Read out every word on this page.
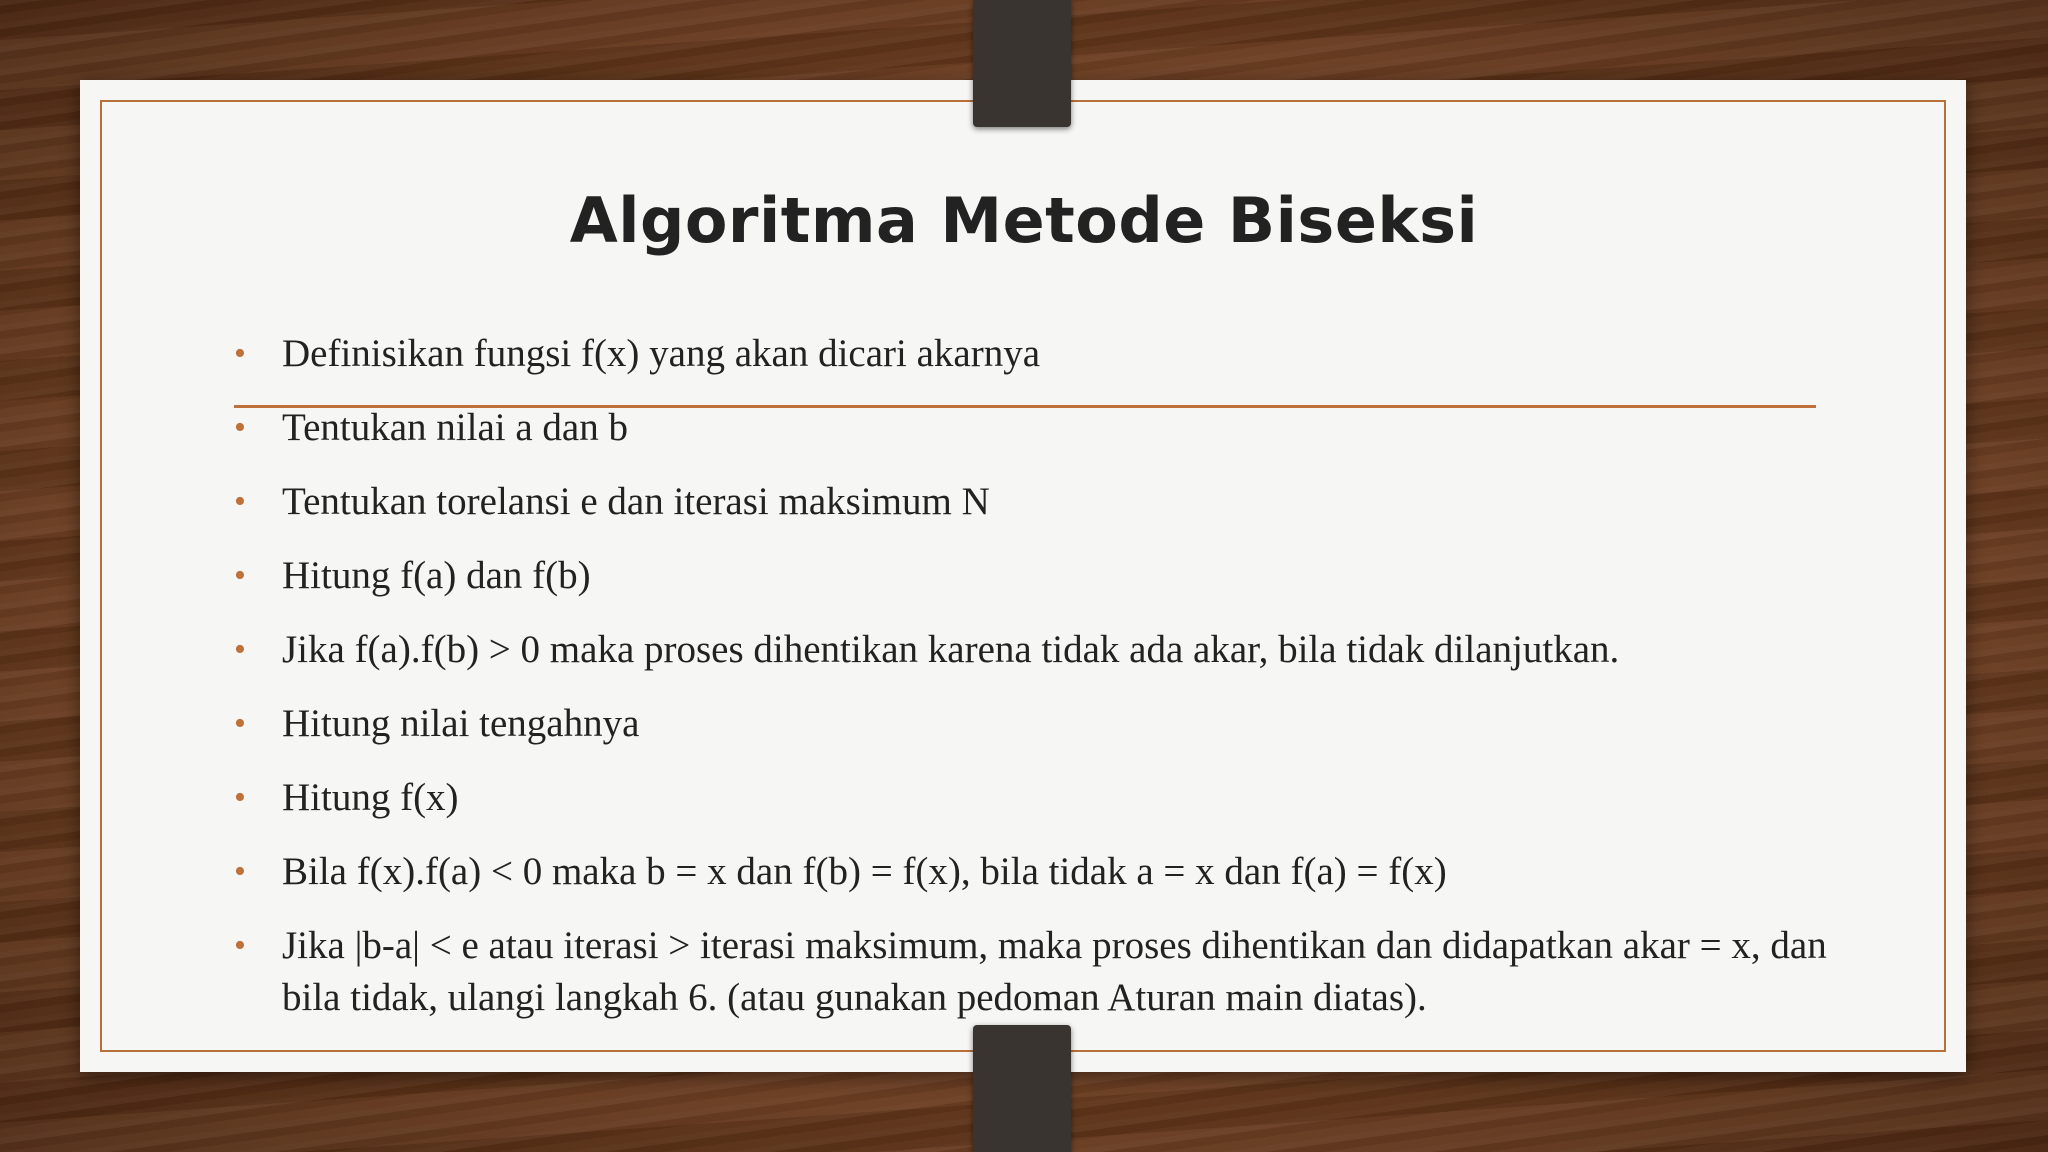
Algoritma Metode Biseksi
• Definisikan fungsi f(x) yang akan dicari akarnya
• Tentukan nilai a dan b
• Tentukan torelansi e dan iterasi maksimum N
• Hitung f(a) dan f(b)
• Jika f(a).f(b) > 0 maka proses dihentikan karena tidak ada akar, bila tidak dilanjutkan.
• Hitung nilai tengahnya
• Hitung f(x)
• Bila f(x).f(a) < 0 maka b = x dan f(b) = f(x), bila tidak a = x dan f(a) = f(x)
• Jika |b-a| < e atau iterasi > iterasi maksimum, maka proses dihentikan dan didapatkan akar = x, dan bila tidak, ulangi langkah 6. (atau gunakan pedoman Aturan main diatas).
